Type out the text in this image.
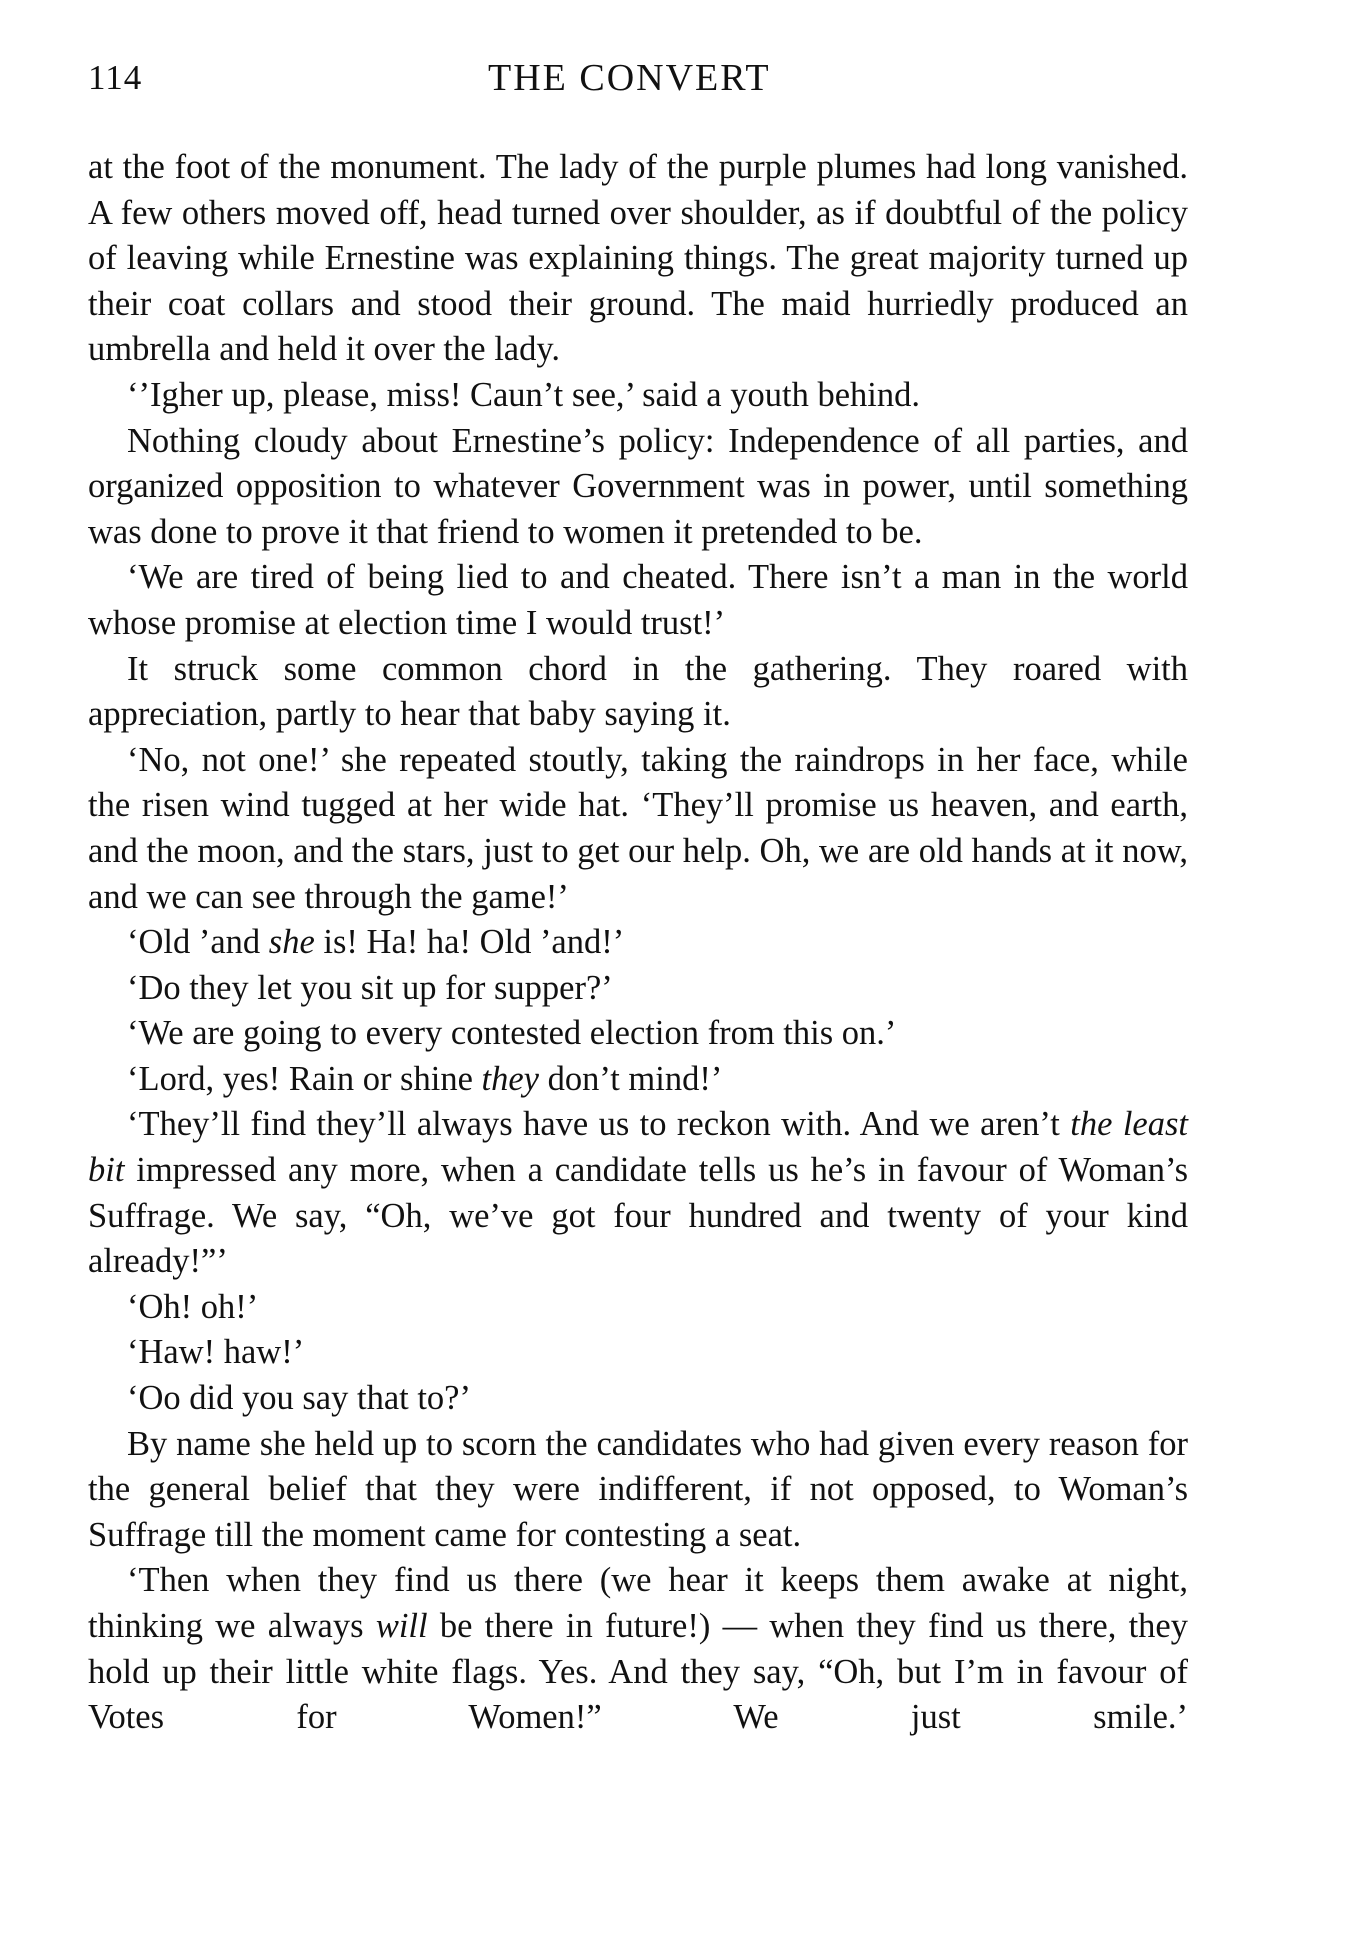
114	THE CONVERT

at the foot of the monument. The lady of the purple plumes had long vanished. A few others moved off, head turned over shoulder, as if doubtful of the policy of leaving while Ernestine was explaining things. The great majority turned up their coat collars and stood their ground. The maid hurriedly produced an umbrella and held it over the lady.

‘’Igher up, please, miss! Caun’t see,’ said a youth behind.

Nothing cloudy about Ernestine’s policy: Independence of all parties, and organized opposition to whatever Government was in power, until something was done to prove it that friend to women it pretended to be.

‘We are tired of being lied to and cheated. There isn’t a man in the world whose promise at election time I would trust!’

It struck some common chord in the gathering. They roared with appreciation, partly to hear that baby saying it.

‘No, not one!’ she repeated stoutly, taking the raindrops in her face, while the risen wind tugged at her wide hat. ‘They’ll promise us heaven, and earth, and the moon, and the stars, just to get our help. Oh, we are old hands at it now, and we can see through the game!’

‘Old ’and she is! Ha! ha! Old ’and!’

‘Do they let you sit up for supper?’

‘We are going to every contested election from this on.’

‘Lord, yes! Rain or shine they don’t mind!’

‘They’ll find they’ll always have us to reckon with. And we aren’t the least bit impressed any more, when a candidate tells us he’s in favour of Woman’s Suffrage. We say, “Oh, we’ve got four hundred and twenty of your kind already!”’

‘Oh! oh!’

‘Haw! haw!’

‘Oo did you say that to?’

By name she held up to scorn the candidates who had given every reason for the general belief that they were indifferent, if not opposed, to Woman’s Suffrage till the moment came for contesting a seat.

‘Then when they find us there (we hear it keeps them awake at night, thinking we always will be there in future!) — when they find us there, they hold up their little white flags. Yes. And they say, “Oh, but I’m in favour of Votes for Women!” We just smile.’
